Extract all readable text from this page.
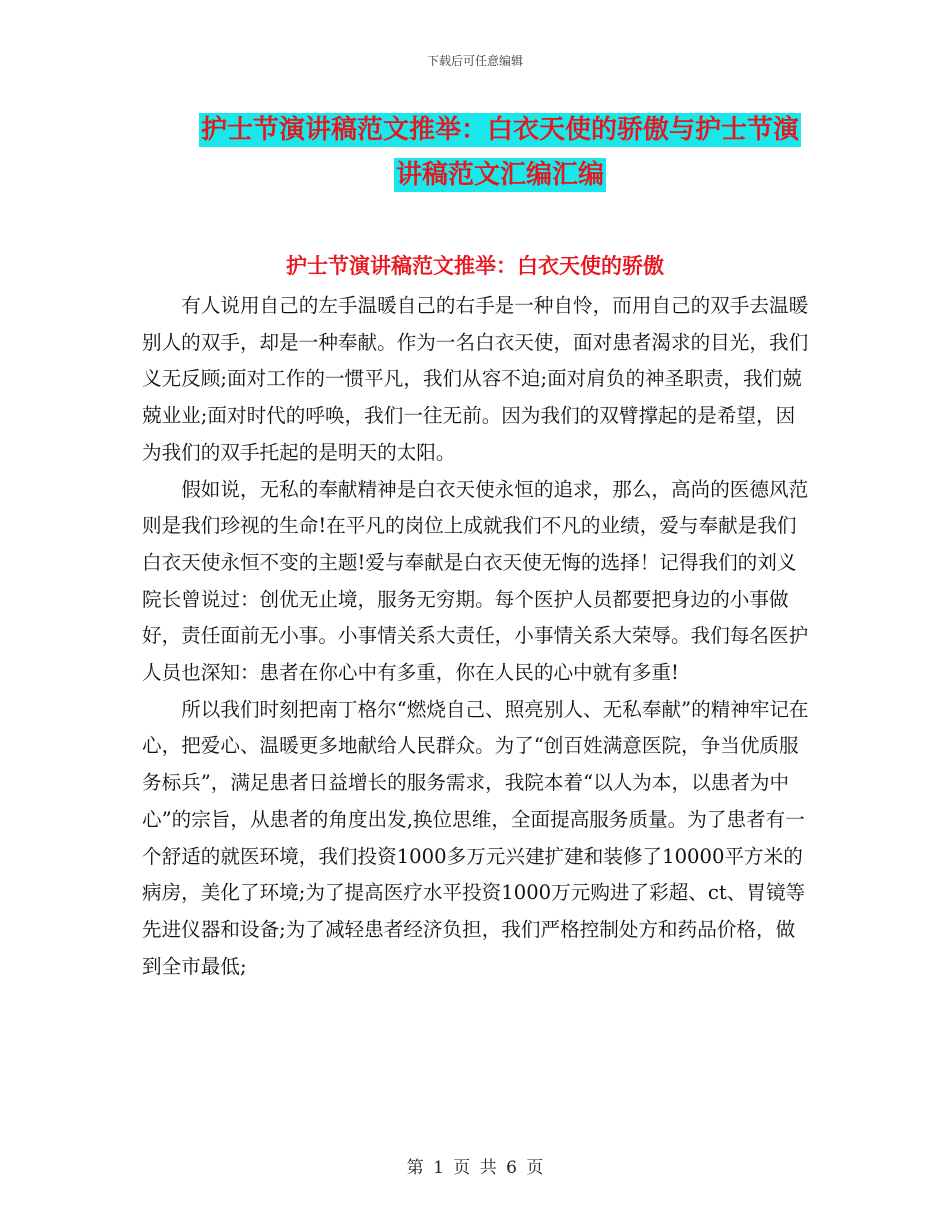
下载后可任意编辑
护士节演讲稿范文推举：白衣天使的骄傲与护士节演
讲稿范文汇编汇编
护士节演讲稿范文推举：白衣天使的骄傲

有人说用自己的左手温暖自己的右手是一种自怜，而用自己的双手去温暖别人的双手，却是一种奉献。作为一名白衣天使，面对患者渴求的目光，我们义无反顾;面对工作的一惯平凡，我们从容不迫;面对肩负的神圣职责，我们兢兢业业;面对时代的呼唤，我们一往无前。因为我们的双臂撑起的是希望，因为我们的双手托起的是明天的太阳。

假如说，无私的奉献精神是白衣天使永恒的追求，那么，高尚的医德风范则是我们珍视的生命!在平凡的岗位上成就我们不凡的业绩，爱与奉献是我们白衣天使永恒不变的主题!爱与奉献是白衣天使无悔的选择！记得我们的刘义院长曾说过：创优无止境，服务无穷期。每个医护人员都要把身边的小事做好，责任面前无小事。小事情关系大责任，小事情关系大荣辱。我们每名医护人员也深知：患者在你心中有多重，你在人民的心中就有多重!

所以我们时刻把南丁格尔“燃烧自己、照亮别人、无私奉献”的精神牢记在心，把爱心、温暖更多地献给人民群众。为了“创百姓满意医院，争当优质服务标兵”，满足患者日益增长的服务需求，我院本着“以人为本，以患者为中心”的宗旨，从患者的角度出发,换位思维，全面提高服务质量。为了患者有一个舒适的就医环境，我们投资1000多万元兴建扩建和装修了10000平方米的病房，美化了环境;为了提高医疗水平投资1000万元购进了彩超、ct、胃镜等先进仪器和设备;为了减轻患者经济负担，我们严格控制处方和药品价格，做到全市最低;

第 1 页 共 6 页
